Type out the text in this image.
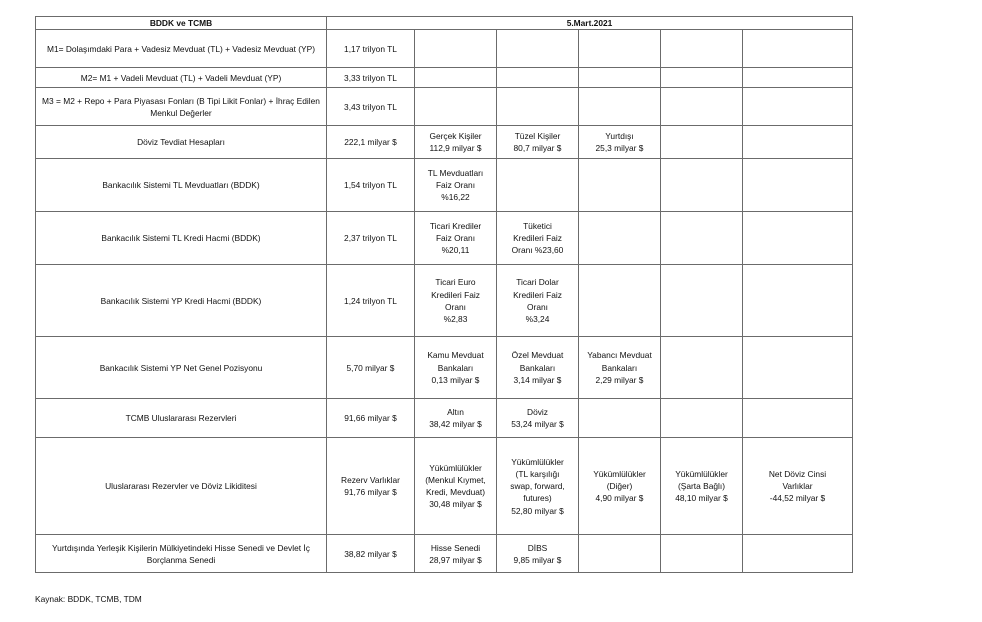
BDDK ve TCMB	5.Mart.2021					
M1= Dolaşımdaki Para + Vadesiz Mevduat (TL) + Vadesiz Mevduat (YP)	1,17 trilyon TL					
M2= M1 + Vadeli Mevduat (TL) + Vadeli Mevduat (YP)	3,33 trilyon TL					
M3 = M2 + Repo + Para Piyasası Fonları (B Tipi Likit Fonlar) + İhraç Edilen Menkul Değerler	3,43 trilyon TL					
Döviz Tevdiat Hesapları	222,1 milyar $	Gerçek Kişiler
112,9 milyar $	Tüzel Kişiler
80,7 milyar $	Yurtdışı
25,3 milyar $		

Bankacılık Sistemi TL Mevduatları (BDDK)	1,54 trilyon TL	TL Mevduatları
Faiz Oranı
%16,22				

Bankacılık Sistemi TL Kredi Hacmi (BDDK)	2,37 trilyon TL	Ticari Krediler
Faiz Oranı
%20,11	Tüketici
Kredileri Faiz
Oranı %23,60			

Bankacılık Sistemi YP Kredi Hacmi (BDDK)	1,24 trilyon TL	Ticari Euro
Kredileri Faiz
Oranı
%2,83	Ticari Dolar
Kredileri Faiz
Oranı
%3,24			

Bankacılık Sistemi YP Net Genel Pozisyonu	5,70 milyar $	Kamu Mevduat
Bankaları
0,13 milyar $	Özel Mevduat
Bankaları
3,14 milyar $	Yabancı Mevduat
Bankaları
2,29 milyar $		

TCMB Uluslararası Rezervleri	91,66 milyar $	Altın
38,42 milyar $	Döviz
53,24 milyar $			

Uluslararası Rezervler ve Döviz Likiditesi	Rezerv Varlıklar 91,76 milyar $	Yükümlülükler
(Menkul Kıymet,
Kredi, Mevduat)
30,48 milyar $	Yükümlülükler
(TL karşılığı
swap, forward,
futures)
52,80 milyar $	Yükümlülükler
(Diğer)
4,90 milyar $	Yükümlülükler
(Şarta Bağlı)
48,10 milyar $	Net Döviz Cinsi
Varlıklar
-44,52 milyar $

Yurtdışında Yerleşik Kişilerin Mülkiyetindeki Hisse Senedi ve Devlet İç Borçlanma Senedi	38,82 milyar $	Hisse Senedi
28,97 milyar $	DİBS
9,85 milyar $			

Kaynak: BDDK, TCMB, TDM
